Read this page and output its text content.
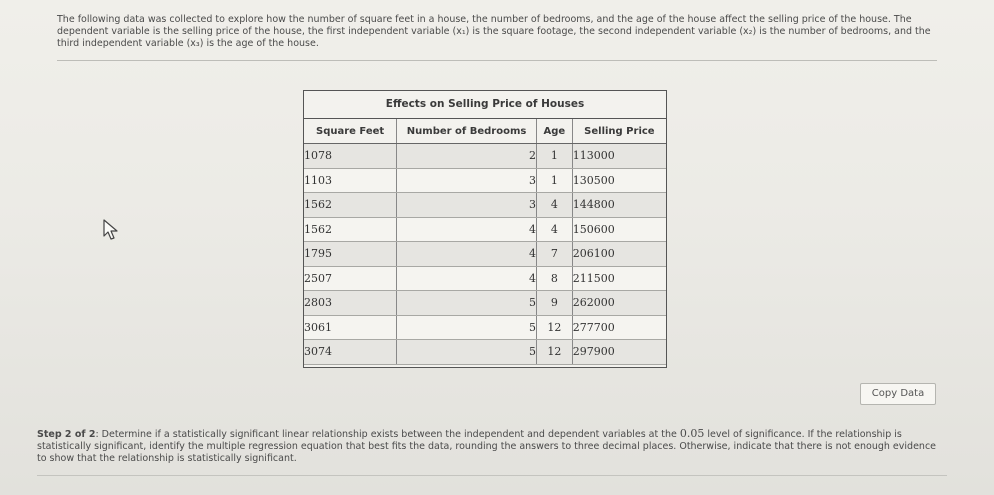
The following data was collected to explore how the number of square feet in a house, the number of bedrooms, and the age of the house affect the selling price of the house. The dependent variable is the selling price of the house, the first independent variable (x₁) is the square footage, the second independent variable (x₂) is the number of bedrooms, and the third independent variable (x₃) is the age of the house.
Effects on Selling Price of Houses
Square Feet	Number of Bedrooms	Age	Selling Price
1078	2	1	113000
1103	3	1	130500
1562	3	4	144800
1562	4	4	150600
1795	4	7	206100
2507	4	8	211500
2803	5	9	262000
3061	5	12	277700
3074	5	12	297900
Copy Data
Step 2 of 2: Determine if a statistically significant linear relationship exists between the independent and dependent variables at the 0.05 level of significance. If the relationship is statistically significant, identify the multiple regression equation that best fits the data, rounding the answers to three decimal places. Otherwise, indicate that there is not enough evidence to show that the relationship is statistically significant.
